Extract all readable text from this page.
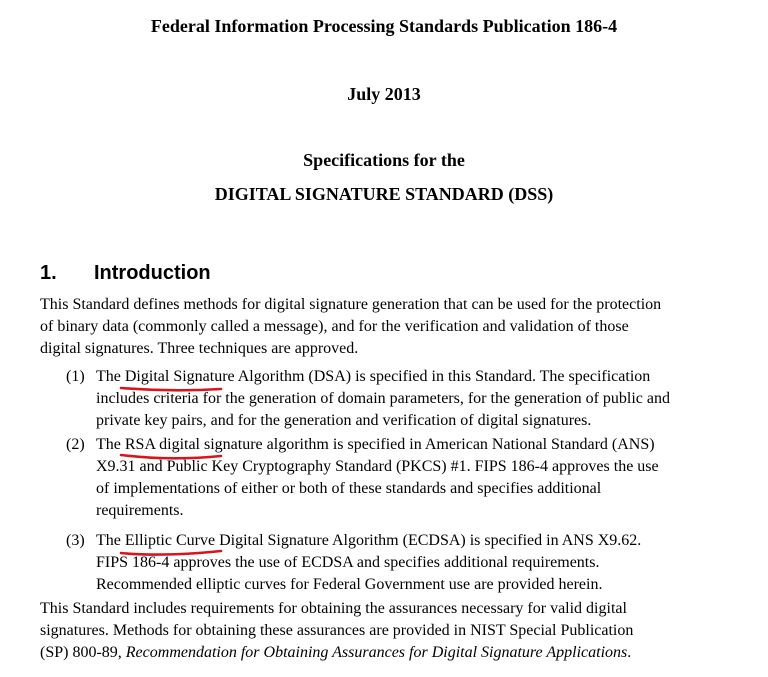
Federal Information Processing Standards Publication 186-4
July 2013
Specifications for the
DIGITAL SIGNATURE STANDARD (DSS)
1. Introduction
This Standard defines methods for digital signature generation that can be used for the protection
of binary data (commonly called a message), and for the verification and validation of those
digital signatures. Three techniques are approved.
(1) The Digital Signature Algorithm (DSA)
is specified in this Standard. The specification
includes criteria for the generation of domain parameters, for the generation of public and
private key pairs, and for the generation and verification of digital signatures.
(2) The RSA digital signature algorithm
is specified in American National Standard (ANS)
X9.31 and Public Key Cryptography Standard (PKCS) #1. FIPS 186-4 approves the use
of implementations of either or both of these standards and specifies additional
requirements.
(3) The Elliptic Curve Digital Signature Algorithm (ECDSA)
is specified in ANS X9.62.
FIPS 186-4 approves the use of ECDSA and specifies additional requirements.
Recommended elliptic curves for Federal Government use are provided herein.
This Standard includes requirements for obtaining the assurances necessary for valid digital
signatures. Methods for obtaining these assurances are provided in NIST Special Publication
(SP) 800-89, Recommendation for Obtaining Assurances for Digital Signature Applications.
